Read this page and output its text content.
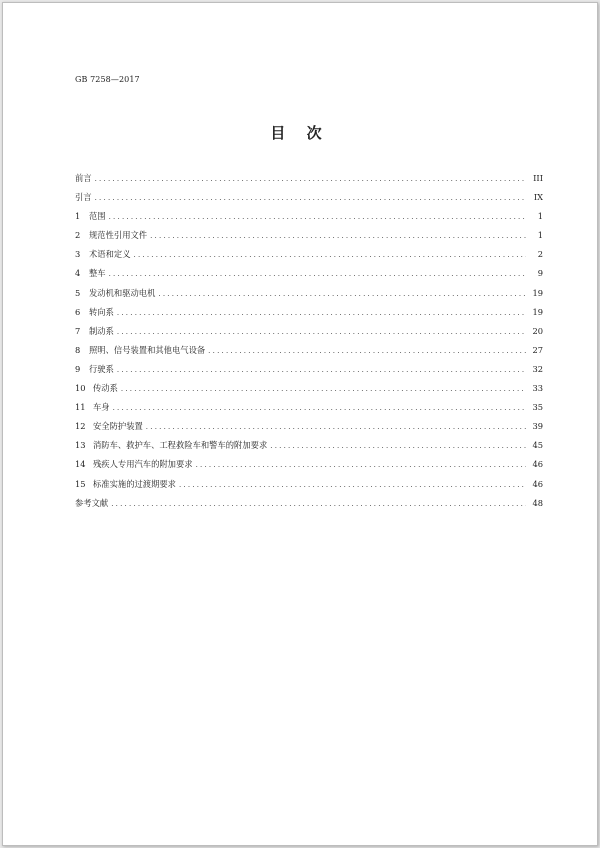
GB 7258—2017
目 次
前言 . . .	III
引言 . . .	IX
1	范围 . . .	1
2	规范性引用文件 . . .	1
3	术语和定义 . . .	2
4	整车 . . .	9
5	发动机和驱动电机 . . .	19
6	转向系 . . .	19
7	制动系 . . .	20
8	照明、信号装置和其他电气设备 . . .	27
9	行驶系 . . .	32
10 传动系 . . .	33
11 车身 . . .	35
12 安全防护装置 . . .	39
13 消防车、救护车、工程救险车和警车的附加要求 . . .	45
14 残疾人专用汽车的附加要求 . . .	46
15 标准实施的过渡期要求 . . .	46
参考文献 . . .	48
